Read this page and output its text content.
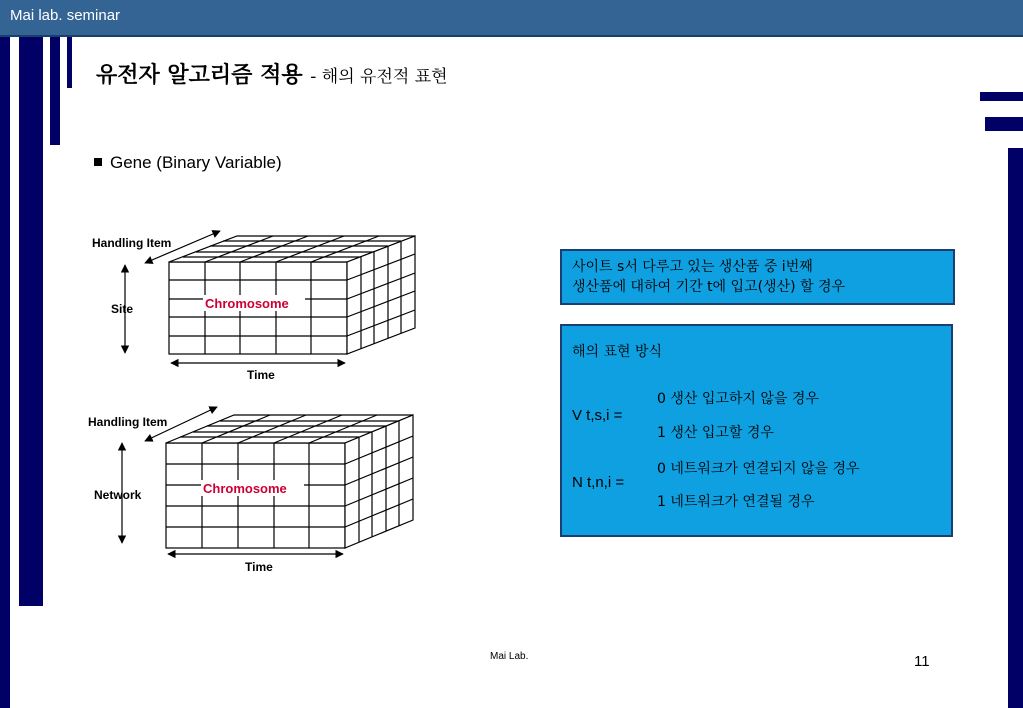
Mai lab. seminar
유전자 알고리즘 적용 - 해의 유전적 표현
Gene (Binary Variable)
Handling Item
Site
Time
Chromosome
Handling Item
Network
Time
Chromosome
사이트 s서 다루고 있는 생산품 중 i번째
생산품에 대하여 기간 t에 입고(생산) 할 경우
해의 표현 방식
0 생산 입고하지 않을 경우
V t,s,i =
1 생산 입고할 경우
0 네트워크가 연결되지 않을 경우
N t,n,i =
1 네트워크가 연결될 경우
Mai Lab.	11
